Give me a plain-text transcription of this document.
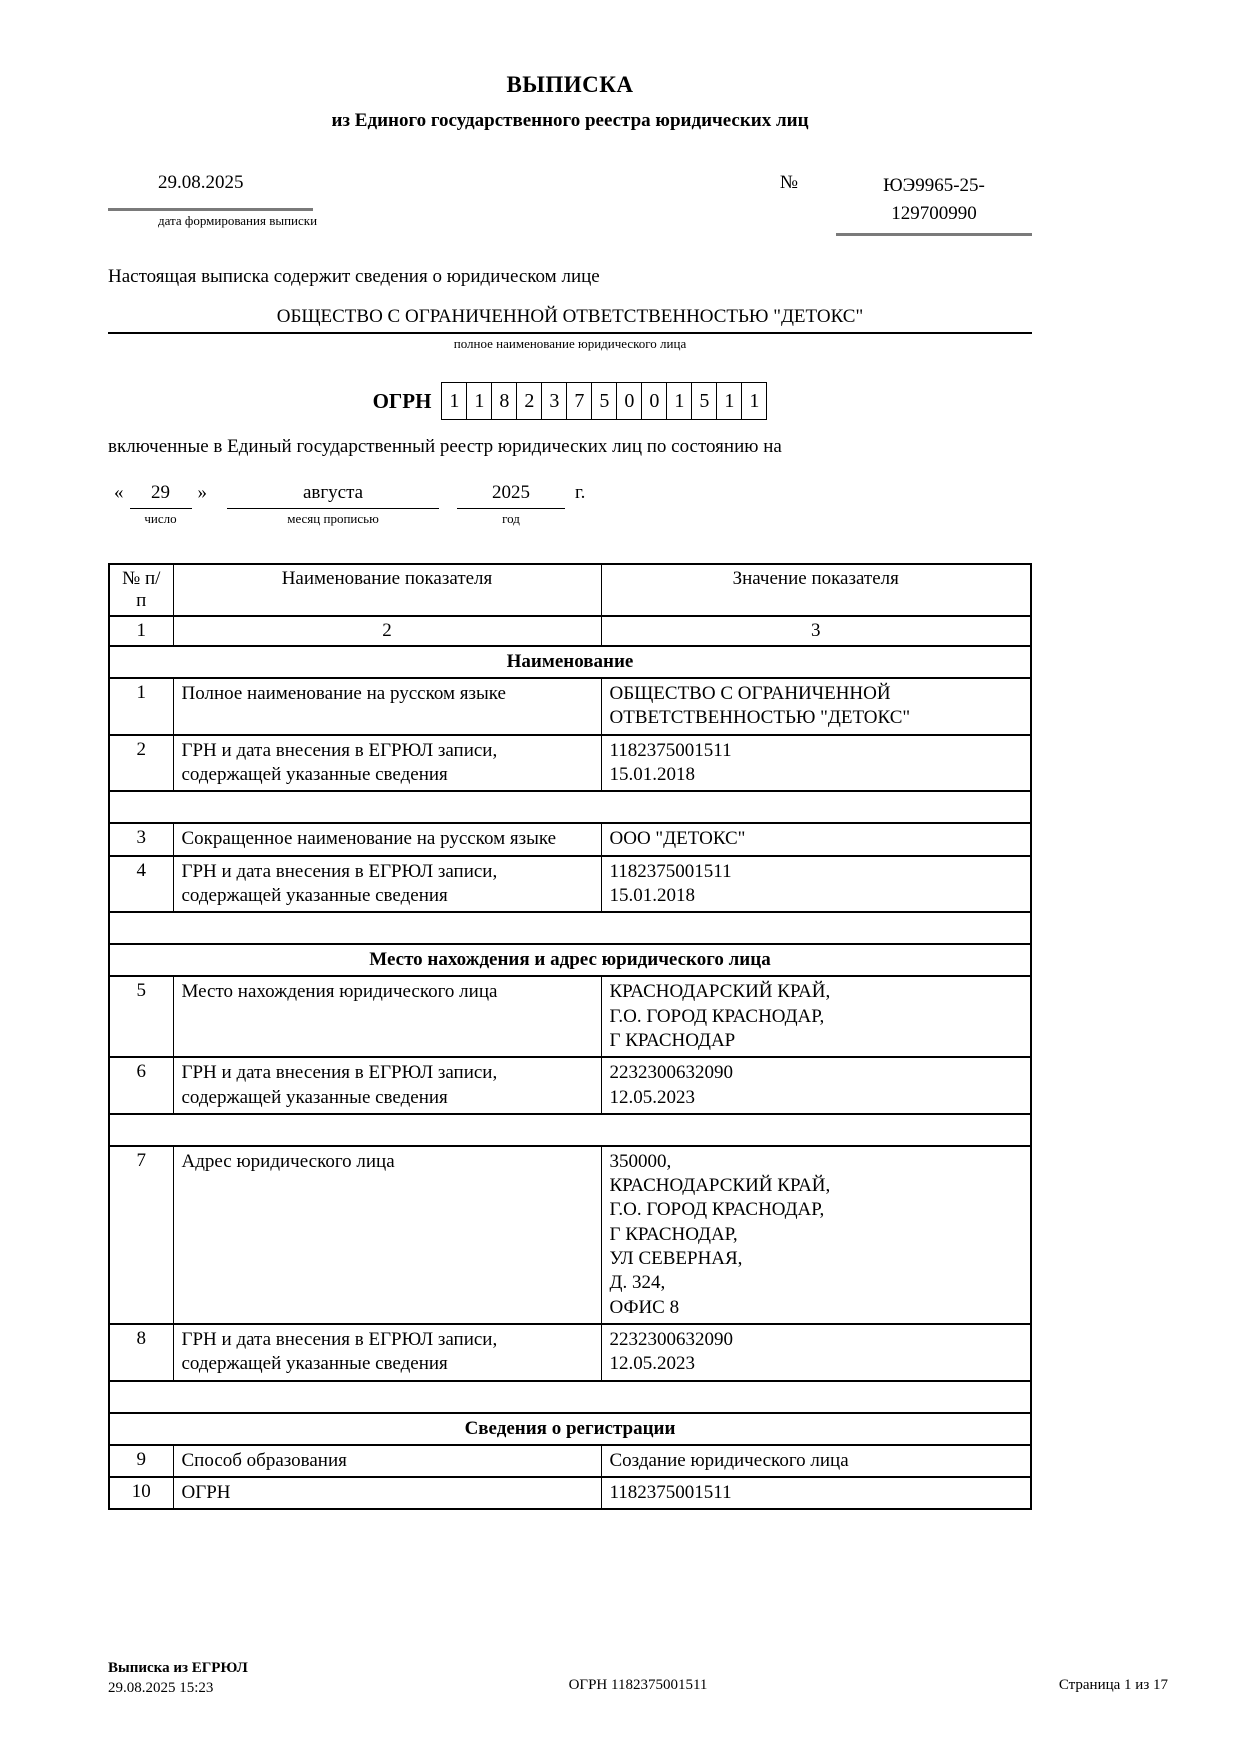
ВЫПИСКА
из Единого государственного реестра юридических лиц
29.08.2025
дата формирования выписки
№	ЮЭ9965-25-
129700990
Настоящая выписка содержит сведения о юридическом лице
ОБЩЕСТВО С ОГРАНИЧЕННОЙ ОТВЕТСТВЕННОСТЬЮ "ДЕТОКС"
полное наименование юридического лица
ОГРН 1 1 8 2 3 7 5 0 0 1 5 1 1
включенные в Единый государственный реестр юридических лиц по состоянию на
«	29
число
»	августа
месяц прописью
2025
год
г.
№ п/п	Наименование показателя	Значение показателя
1	2	3
Наименование		
1	Полное наименование на русском языке	ОБЩЕСТВО С ОГРАНИЧЕННОЙ
ОТВЕТСТВЕННОСТЬЮ "ДЕТОКС"

2	ГРН и дата внесения в ЕГРЮЛ записи, содержащей указанные сведения	1182375001511
15.01.2018

3	Сокращенное наименование на русском языке	ООО "ДЕТОКС"

4	ГРН и дата внесения в ЕГРЮЛ записи, содержащей указанные сведения	1182375001511
15.01.2018

Место нахождения и адрес юридического лица		
5	Место нахождения юридического лица	КРАСНОДАРСКИЙ КРАЙ,
Г.О. ГОРОД КРАСНОДАР,
Г КРАСНОДАР

6	ГРН и дата внесения в ЕГРЮЛ записи, содержащей указанные сведения	2232300632090
12.05.2023

7	Адрес юридического лица	350000,
КРАСНОДАРСКИЙ КРАЙ,
Г.О. ГОРОД КРАСНОДАР,
Г КРАСНОДАР,
УЛ СЕВЕРНАЯ,
Д. 324,
ОФИС 8

8	ГРН и дата внесения в ЕГРЮЛ записи, содержащей указанные сведения	2232300632090
12.05.2023

Сведения о регистрации		
9	Способ образования	Создание юридического лица

10	ОГРН	1182375001511
Выписка из ЕГРЮЛ
29.08.2025 15:23	ОГРН 1182375001511	Страница 1 из 17
